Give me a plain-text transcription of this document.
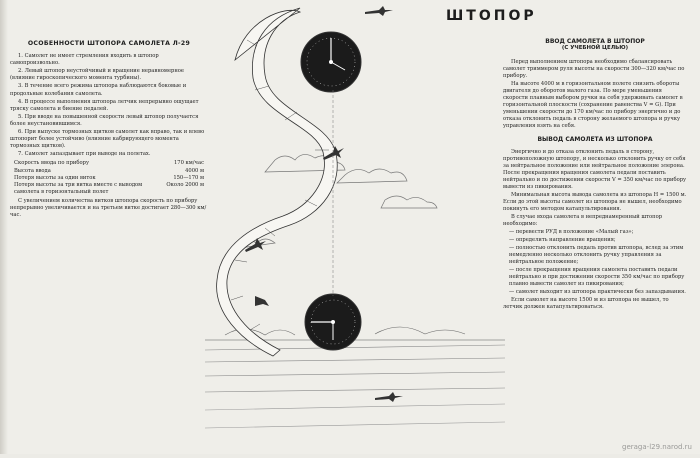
ШТОПОР
ОСОБЕННОСТИ ШТОПОРА САМОЛЕТА Л-29

1. Самолет не имеет стремления входить в штопор самопроизвольно.

2. Левый штопор неустойчивый и вращение неравномерное (влияние гироскопического момента турбины).

3. В течение всего режима штопора наблюдаются боковые и продольные колебания самолета.

4. В процессе выполнения штопора летчик непрерывно ощущает тряску самолета и биение педалей.

5. При вводе на повышенной скорости левый штопор получается более неустановившимся.

6. При выпуске тормозных щитков самолет как вправо, так и влево штопорит более устойчиво (влияние кабрирующего момента тормозных щитков).

7. Самолет запаздывает при выводе на полетах.

Скорость ввода по прибору	170 км/час
Высота ввода	4000 м
Потеря высоты за один виток	150—170 м
Потеря высоты за три витка вместе с выводом самолета в горизонтальный полет	Около 2000 м

С увеличением количества витков штопора скорость по прибору непрерывно увеличивается и на третьем витке достигает 280—300 км/час.

ВВОД САМОЛЕТА В ШТОПОР
(С УЧЕБНОЙ ЦЕЛЬЮ)

Перед выполнением штопора необходимо сбалансировать самолет триммером руля высоты на скорости 300—320 км/час по прибору.

На высоте 4000 м в горизонтальном полете снизить обороты двигателя до оборотов малого газа. По мере уменьшения скорости плавным выбором ручки на себя удерживать самолет в горизонтальной плоскости (сохранение равенства V = G). При уменьшении скорости до 170 км/час по прибору энергично и до отказа отклонить педаль в сторону желаемого штопора и ручку управления взять на себя.

ВЫВОД САМОЛЕТА ИЗ ШТОПОРА

Энергично и до отказа отклонить педаль в сторону, противоположную штопору, и несколько отклонить ручку от себя за нейтральное положение или нейтральное положение элерона. После прекращения вращения самолета педали поставить нейтрально и по достижении скорости V = 350 км/час по прибору вывести из пикирования.

Минимальная высота вывода самолета из штопора H = 1500 м. Если до этой высоты самолет из штопора не вышел, необходимо покинуть его методом катапультирования.

В случае входа самолета в непреднамеренный штопор необходимо:

— перевести РУД в положение «Малый газ»;

— определить направление вращения;

— полностью отклонить педаль против штопора, вслед за этим немедленно несколько отклонить ручку управления за нейтральное положение;

— после прекращения вращения самолета поставить педали нейтрально и при достижении скорости 350 км/час по прибору плавно вывести самолет из пикирования;

— самолет выходит из штопора практически без запаздывания.

Если самолет на высоте 1500 м из штопора не вышел, то летчик должен катапультироваться.

geraga-l29.narod.ru
